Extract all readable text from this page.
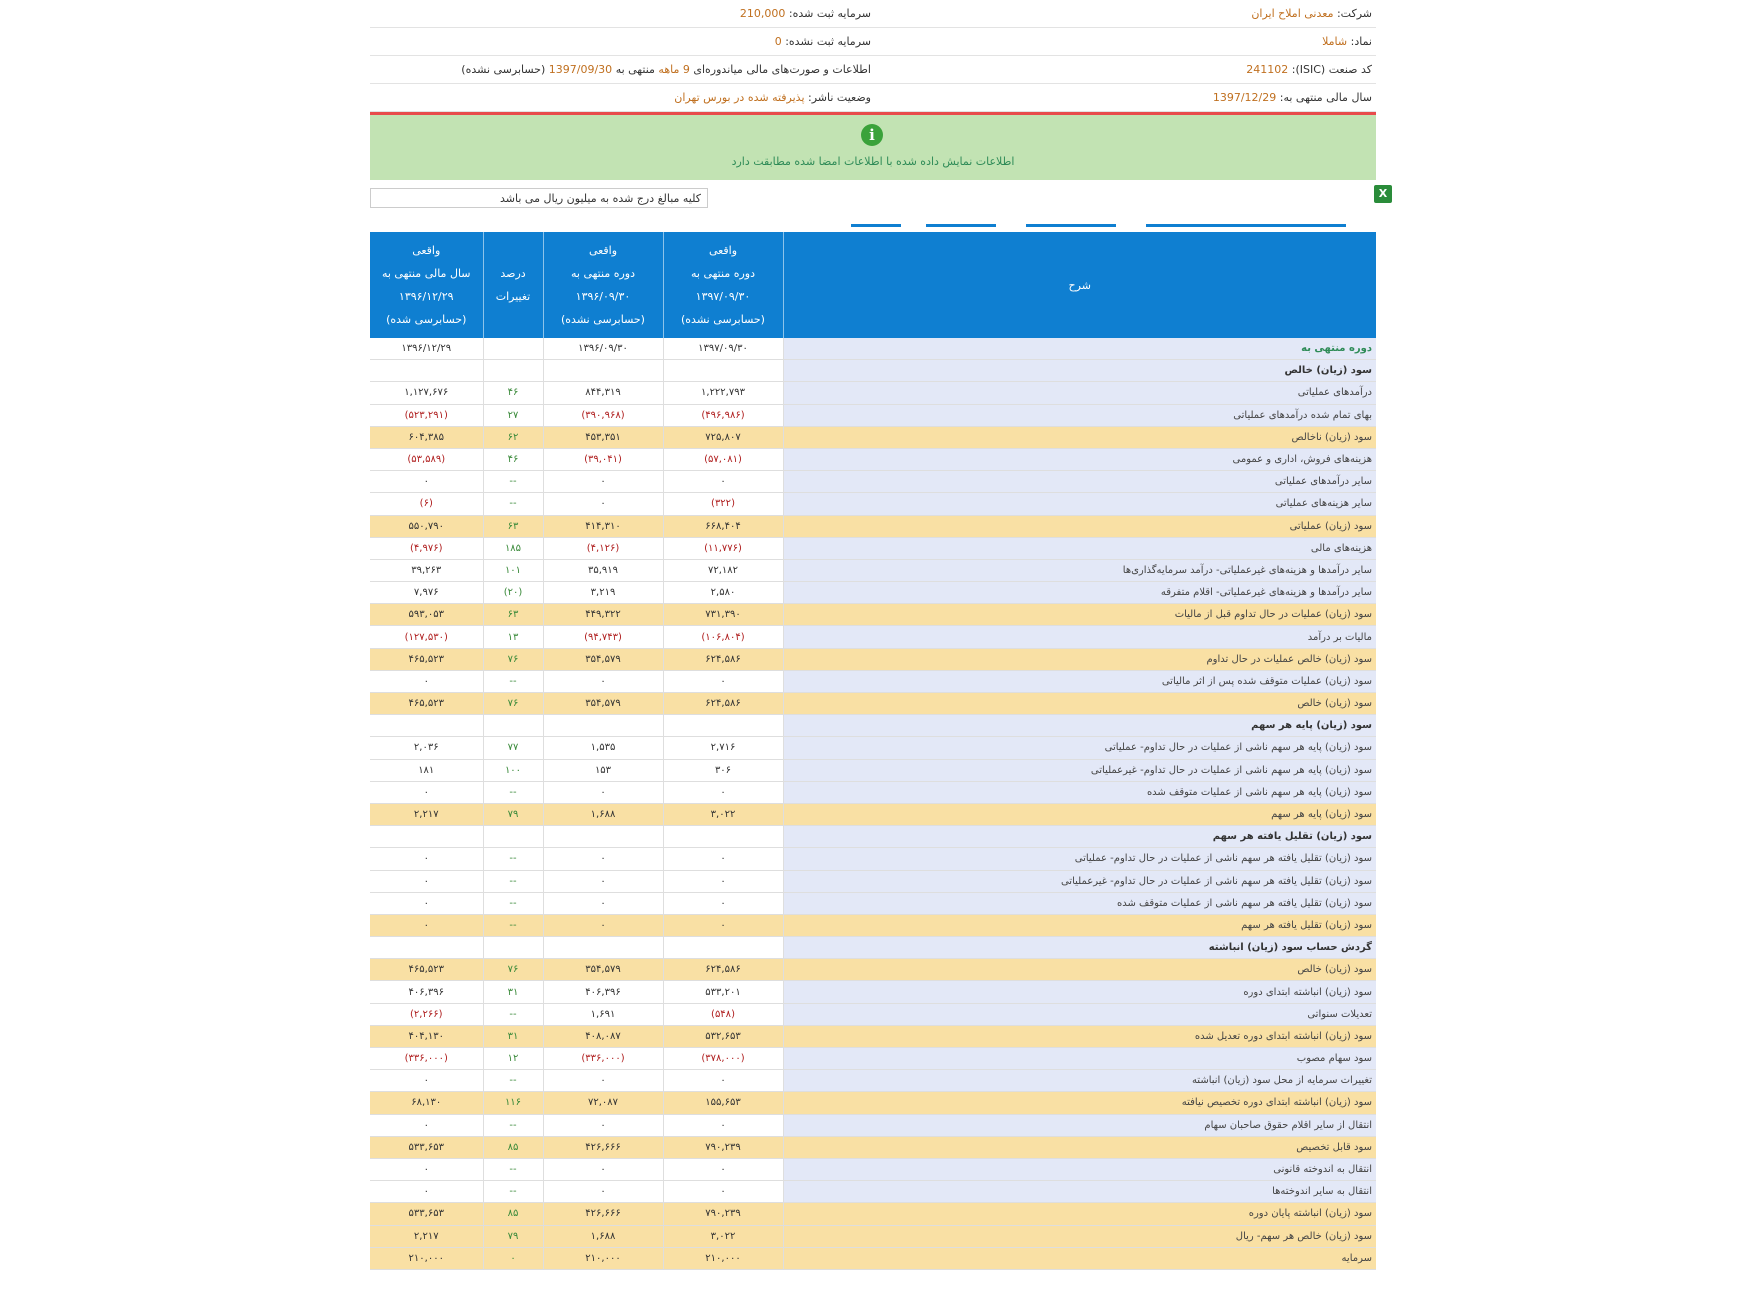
شرکت: معدنی املاح ایران	سرمایه ثبت شده: 210,000
نماد: شاملا	سرمایه ثبت نشده: 0
کد صنعت (ISIC): 241102	اطلاعات و صورت‌های مالی میاندوره‌ای 9 ماهه منتهی به 1397/09/30 (حسابرسی نشده)
سال مالی منتهی به: 1397/12/29	وضعیت ناشر: پذیرفته شده در بورس تهران
i
اطلاعات نمایش داده شده با اطلاعات امضا شده مطابقت دارد
X
کلیه مبالغ درج شده به میلیون ریال می باشد
شرح	واقعی
دوره منتهی به
۱۳۹۷/۰۹/۳۰
(حسابرسی نشده)	واقعی
دوره منتهی به
۱۳۹۶/۰۹/۳۰
(حسابرسی نشده)	درصد
تغییرات	واقعی
سال مالی منتهی به
۱۳۹۶/۱۲/۲۹
(حسابرسی شده)

دوره منتهی به	۱۳۹۷/۰۹/۳۰	۱۳۹۶/۰۹/۳۰		۱۳۹۶/۱۲/۲۹
سود (زیان) خالص				
درآمدهای عملیاتی	۱,۲۲۲,۷۹۳	۸۴۴,۳۱۹	۴۶	۱,۱۲۷,۶۷۶
بهای تمام شده درآمدهای عملیاتی	(۴۹۶,۹۸۶)	(۳۹۰,۹۶۸)	۲۷	(۵۲۳,۲۹۱)
سود (زیان) ناخالص	۷۲۵,۸۰۷	۴۵۳,۳۵۱	۶۲	۶۰۴,۳۸۵
هزینه‌های فروش، اداری و عمومی	(۵۷,۰۸۱)	(۳۹,۰۴۱)	۴۶	(۵۳,۵۸۹)
سایر درآمدهای عملیاتی	۰	۰	--	۰
سایر هزینه‌های عملیاتی	(۳۲۲)	۰	--	(۶)
سود (زیان) عملیاتی	۶۶۸,۴۰۴	۴۱۴,۳۱۰	۶۳	۵۵۰,۷۹۰
هزینه‌های مالی	(۱۱,۷۷۶)	(۴,۱۲۶)	۱۸۵	(۴,۹۷۶)
سایر درآمدها و هزینه‌های غیرعملیاتی- درآمد سرمایه‌گذاری‌ها	۷۲,۱۸۲	۳۵,۹۱۹	۱۰۱	۳۹,۲۶۳
سایر درآمدها و هزینه‌های غیرعملیاتی- اقلام متفرقه	۲,۵۸۰	۳,۲۱۹	(۲۰)	۷,۹۷۶
سود (زیان) عملیات در حال تداوم قبل از مالیات	۷۳۱,۳۹۰	۴۴۹,۳۲۲	۶۳	۵۹۳,۰۵۳
مالیات بر درآمد	(۱۰۶,۸۰۴)	(۹۴,۷۴۳)	۱۳	(۱۲۷,۵۳۰)
سود (زیان) خالص عملیات در حال تداوم	۶۲۴,۵۸۶	۳۵۴,۵۷۹	۷۶	۴۶۵,۵۲۳
سود (زیان) عملیات متوقف شده پس از اثر مالیاتی	۰	۰	--	۰
سود (زیان) خالص	۶۲۴,۵۸۶	۳۵۴,۵۷۹	۷۶	۴۶۵,۵۲۳
سود (زیان) پایه هر سهم				
سود (زیان) پایه هر سهم ناشی از عملیات در حال تداوم- عملیاتی	۲,۷۱۶	۱,۵۳۵	۷۷	۲,۰۳۶
سود (زیان) پایه هر سهم ناشی از عملیات در حال تداوم- غیرعملیاتی	۳۰۶	۱۵۳	۱۰۰	۱۸۱
سود (زیان) پایه هر سهم ناشی از عملیات متوقف شده	۰	۰	--	۰
سود (زیان) پایه هر سهم	۳,۰۲۲	۱,۶۸۸	۷۹	۲,۲۱۷
سود (زیان) تقلیل یافته هر سهم				
سود (زیان) تقلیل یافته هر سهم ناشی از عملیات در حال تداوم- عملیاتی	۰	۰	--	۰
سود (زیان) تقلیل یافته هر سهم ناشی از عملیات در حال تداوم- غیرعملیاتی	۰	۰	--	۰
سود (زیان) تقلیل یافته هر سهم ناشی از عملیات متوقف شده	۰	۰	--	۰
سود (زیان) تقلیل یافته هر سهم	۰	۰	--	۰
گردش حساب سود (زیان) انباشته				
سود (زیان) خالص	۶۲۴,۵۸۶	۳۵۴,۵۷۹	۷۶	۴۶۵,۵۲۳
سود (زیان) انباشته ابتدای دوره	۵۳۳,۲۰۱	۴۰۶,۳۹۶	۳۱	۴۰۶,۳۹۶
تعدیلات سنواتی	(۵۴۸)	۱,۶۹۱	--	(۲,۲۶۶)
سود (زیان) انباشته ابتدای دوره تعدیل شده	۵۳۲,۶۵۳	۴۰۸,۰۸۷	۳۱	۴۰۴,۱۳۰
سود سهام مصوب	(۳۷۸,۰۰۰)	(۳۳۶,۰۰۰)	۱۲	(۳۳۶,۰۰۰)
تغییرات سرمایه از محل سود (زیان) انباشته	۰	۰	--	۰
سود (زیان) انباشته ابتدای دوره تخصیص نیافته	۱۵۵,۶۵۳	۷۲,۰۸۷	۱۱۶	۶۸,۱۳۰
انتقال از سایر اقلام حقوق صاحبان سهام	۰	۰	--	۰
سود قابل تخصیص	۷۹۰,۲۳۹	۴۲۶,۶۶۶	۸۵	۵۳۳,۶۵۳
انتقال به اندوخته قانونی	۰	۰	--	۰
انتقال به سایر اندوخته‌ها	۰	۰	--	۰
سود (زیان) انباشته پایان دوره	۷۹۰,۲۳۹	۴۲۶,۶۶۶	۸۵	۵۳۳,۶۵۳
سود (زیان) خالص هر سهم- ریال	۳,۰۲۲	۱,۶۸۸	۷۹	۲,۲۱۷
سرمایه	۲۱۰,۰۰۰	۲۱۰,۰۰۰	۰	۲۱۰,۰۰۰
